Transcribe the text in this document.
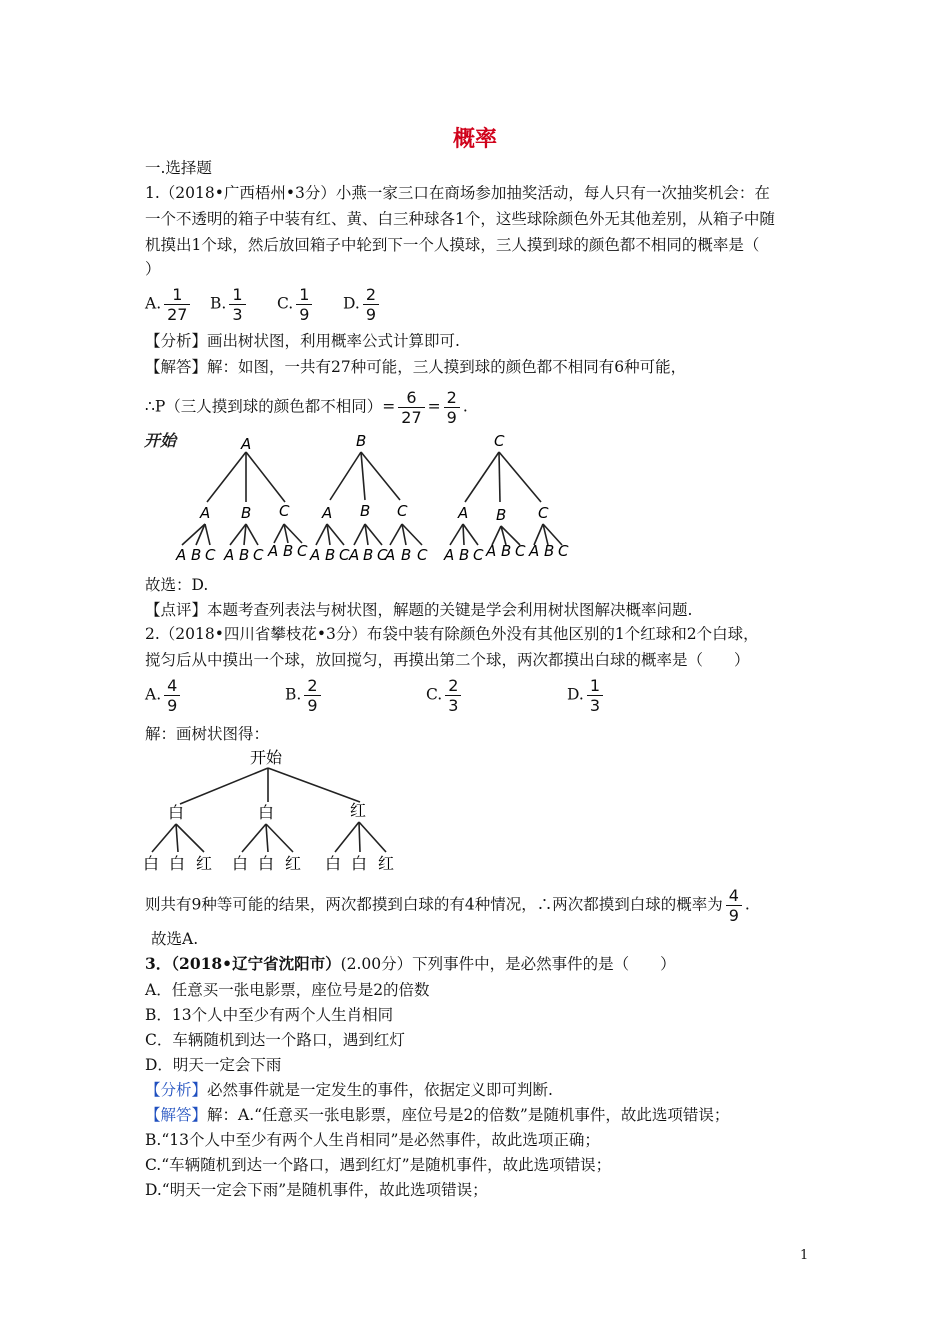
概率
一.选择题
1.（2018•广西梧州•3分）小燕一家三口在商场参加抽奖活动，每人只有一次抽奖机会：在
一个不透明的箱子中装有红、黄、白三种球各1个，这些球除颜色外无其他差别，从箱子中随
机摸出1个球，然后放回箱子中轮到下一个人摸球，三人摸到球的颜色都不相同的概率是（
）
A. $\frac{1}{27} B$. $\frac{1}{3} C$. $\frac{1}{9} D$. $\frac{2}{9}$
【分析】画出树状图，利用概率公式计算即可.
【解答】解：如图，一共有27种可能，三人摸到球的颜色都不相同有6种可能，
∴P（三人摸到球的颜色都不相同）= $\frac{6}{27} = \frac{2}{9}$ .
开始	A	B	C
A B C A B C	A B C
A B C A B C A B C A B C A B C
A B C A B C A B C A B C
故选：D.
【点评】本题考查列表法与树状图，解题的关键是学会利用树状图解决概率问题.
2.（2018•四川省攀枝花•3分）布袋中装有除颜色外没有其他区别的1个红球和2个白球，
搅匀后从中摸出一个球，放回搅匀，再摸出第二个球，两次都摸出白球的概率是（　　）
A. $\frac{4}{9}$	B. $\frac{2}{9}$	C. $\frac{2}{3}$	D. $\frac{1}{3}$
解：画树状图得：
开始
白	白	红
白 白 红 白 白 红 白 白 红
则共有9种等可能的结果，两次都摸到白球的有4种情况，∴两次都摸到白球的概率为 $\frac{4}{9}$ .
故选A.
3．（2018•辽宁省沈阳市）(2.00分）下列事件中，是必然事件的是（　　）
A．任意买一张电影票，座位号是2的倍数
B．13个人中至少有两个人生肖相同
C．车辆随机到达一个路口，遇到红灯
D．明天一定会下雨
【分析】必然事件就是一定发生的事件，依据定义即可判断.
【解答】解：A.“任意买一张电影票，座位号是2的倍数”是随机事件，故此选项错误；
B.“13个人中至少有两个人生肖相同”是必然事件，故此选项正确；
C.“车辆随机到达一个路口，遇到红灯”是随机事件，故此选项错误；
D.“明天一定会下雨”是随机事件，故此选项错误；
1
